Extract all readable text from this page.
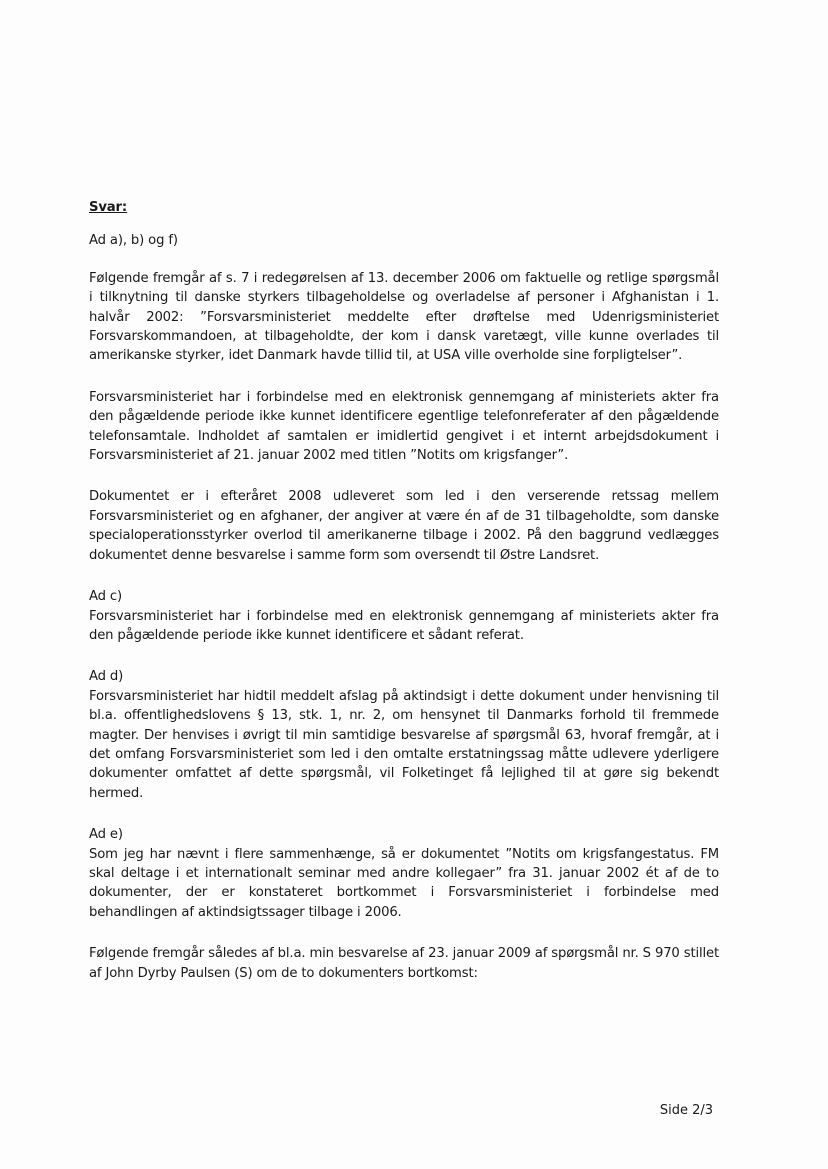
Svar:

Ad a), b) og f)

Følgende fremgår af s. 7 i redegørelsen af 13. december 2006 om faktuelle og retlige spørgsmål i tilknytning til danske styrkers tilbageholdelse og overladelse af personer i Afghanistan i 1. halvår 2002: ”Forsvarsministeriet meddelte efter drøftelse med Udenrigsministeriet Forsvarskommandoen, at tilbageholdte, der kom i dansk varetægt, ville kunne overlades til amerikanske styrker, idet Danmark havde tillid til, at USA ville overholde sine forpligtelser”.

Forsvarsministeriet har i forbindelse med en elektronisk gennemgang af ministeriets akter fra den pågældende periode ikke kunnet identificere egentlige telefonreferater af den pågældende telefonsamtale. Indholdet af samtalen er imidlertid gengivet i et internt arbejdsdokument i Forsvarsministeriet af 21. januar 2002 med titlen ”Notits om krigsfanger”.

Dokumentet er i efteråret 2008 udleveret som led i den verserende retssag mellem Forsvarsministeriet og en afghaner, der angiver at være én af de 31 tilbageholdte, som danske specialoperationsstyrker overlod til amerikanerne tilbage i 2002. På den baggrund vedlægges dokumentet denne besvarelse i samme form som oversendt til Østre Landsret.

Ad c)

Forsvarsministeriet har i forbindelse med en elektronisk gennemgang af ministeriets akter fra den pågældende periode ikke kunnet identificere et sådant referat.

Ad d)

Forsvarsministeriet har hidtil meddelt afslag på aktindsigt i dette dokument under henvisning til bl.a. offentlighedslovens § 13, stk. 1, nr. 2, om hensynet til Danmarks forhold til fremmede magter. Der henvises i øvrigt til min samtidige besvarelse af spørgsmål 63, hvoraf fremgår, at i det omfang Forsvarsministeriet som led i den omtalte erstatningssag måtte udlevere yderligere dokumenter omfattet af dette spørgsmål, vil Folketinget få lejlighed til at gøre sig bekendt hermed.

Ad e)

Som jeg har nævnt i flere sammenhænge, så er dokumentet ”Notits om krigsfangestatus. FM skal deltage i et internationalt seminar med andre kollegaer” fra 31. januar 2002 ét af de to dokumenter, der er konstateret bortkommet i Forsvarsministeriet i forbindelse med behandlingen af aktindsigtssager tilbage i 2006.

Følgende fremgår således af bl.a. min besvarelse af 23. januar 2009 af spørgsmål nr. S 970 stillet af John Dyrby Paulsen (S) om de to dokumenters bortkomst:

Side 2/3
